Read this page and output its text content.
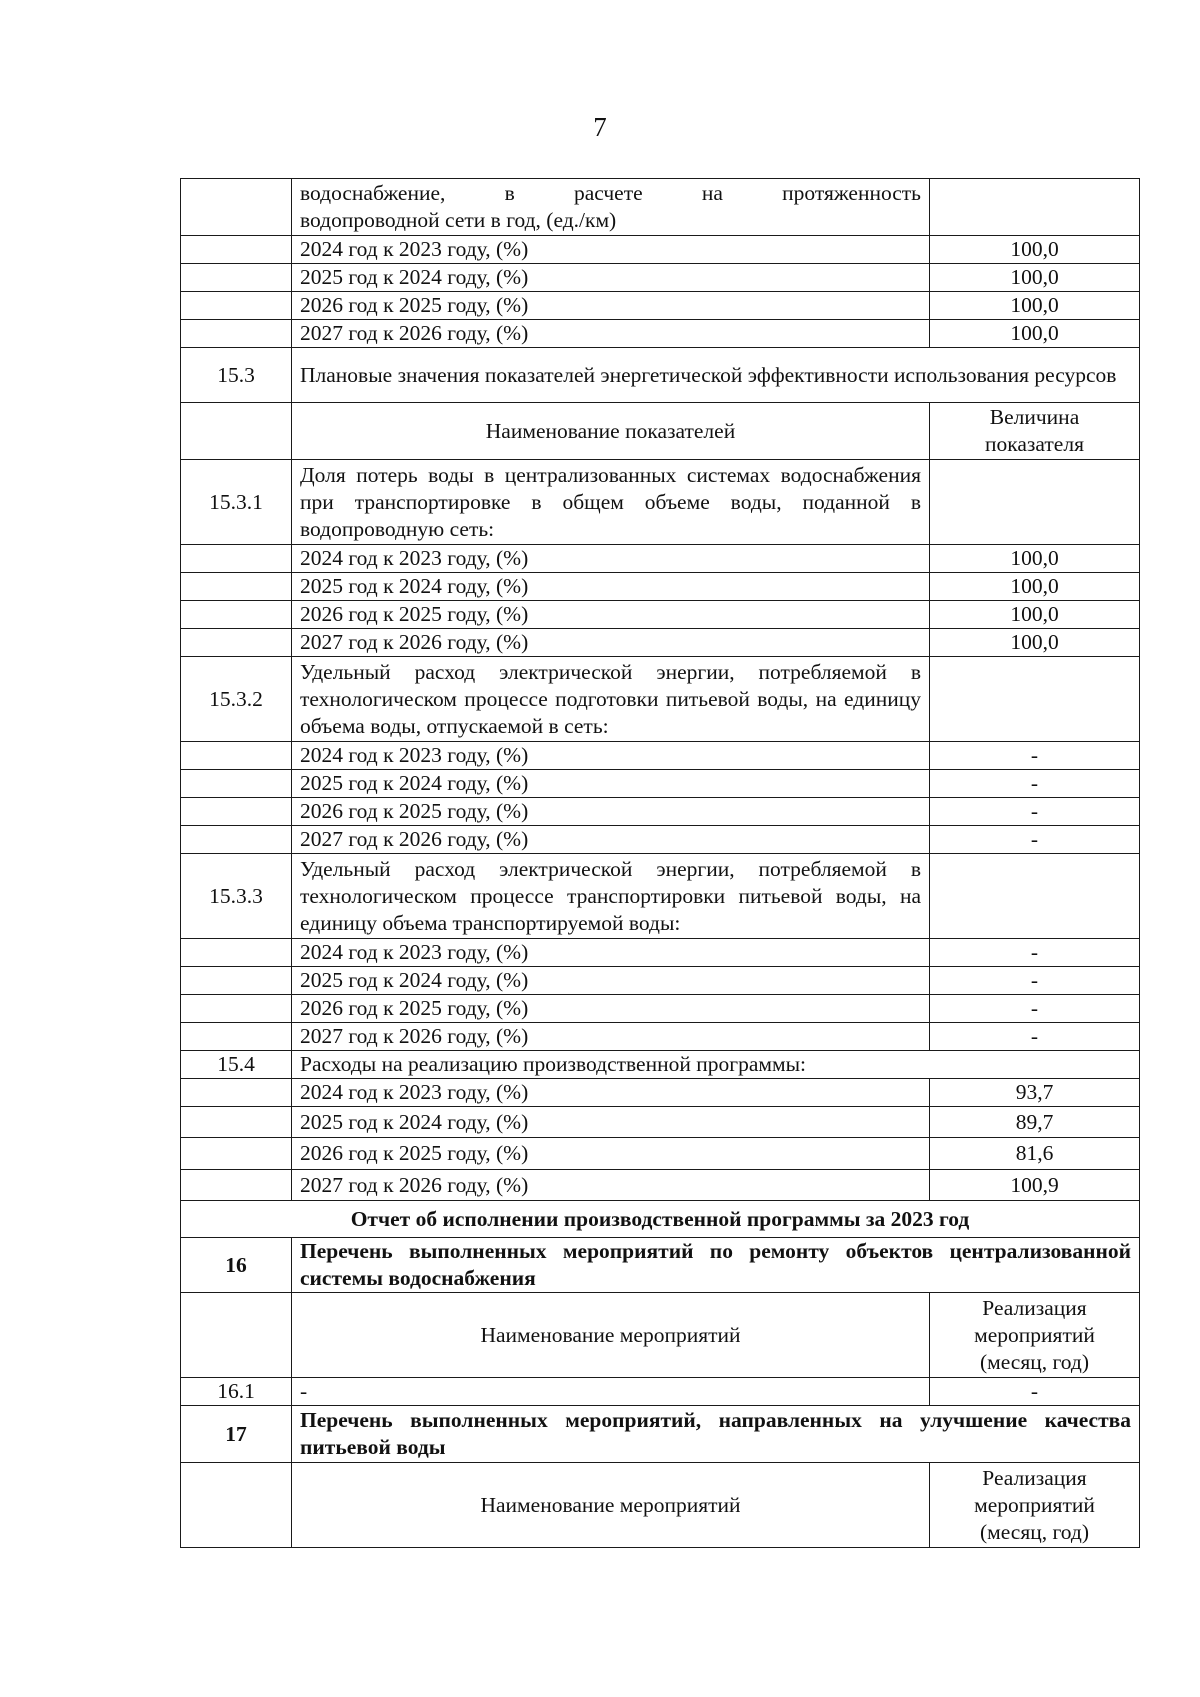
7

	водоснабжение, в расчете на протяженность
водопроводной сети в год, (ед./км)	

	2024 год к 2023 году, (%)	100,0
	2025 год к 2024 году, (%)	100,0
	2026 год к 2025 году, (%)	100,0
	2027 год к 2026 году, (%)	100,0
15.3	Плановые значения показателей энергетической эффективности использования ресурсов	
	Наименование показателей	Величина
показателя

15.3.1	Доля потерь воды в централизованных системах водоснабжения при транспортировке в общем объеме воды, поданной в водопроводную сеть:	
	2024 год к 2023 году, (%)	100,0
	2025 год к 2024 году, (%)	100,0
	2026 год к 2025 году, (%)	100,0
	2027 год к 2026 году, (%)	100,0
15.3.2	Удельный расход электрической энергии, потребляемой в технологическом процессе подготовки питьевой воды, на единицу объема воды, отпускаемой в сеть:	
	2024 год к 2023 году, (%)	-
	2025 год к 2024 году, (%)	-
	2026 год к 2025 году, (%)	-
	2027 год к 2026 году, (%)	-
15.3.3	Удельный расход электрической энергии, потребляемой в технологическом процессе транспортировки питьевой воды, на единицу объема транспортируемой воды:	
	2024 год к 2023 году, (%)	-
	2025 год к 2024 году, (%)	-
	2026 год к 2025 году, (%)	-
	2027 год к 2026 году, (%)	-
15.4	Расходы на реализацию производственной программы:	
	2024 год к 2023 году, (%)	93,7
	2025 год к 2024 году, (%)	89,7
	2026 год к 2025 году, (%)	81,6
	2027 год к 2026 году, (%)	100,9
Отчет об исполнении производственной программы за 2023 год		
16	Перечень выполненных мероприятий по ремонту объектов централизованной системы водоснабжения	
	Наименование мероприятий	Реализация
мероприятий
(месяц, год)

16.1	-	-
17	Перечень выполненных мероприятий, направленных на улучшение качества питьевой воды	
	Наименование мероприятий	Реализация
мероприятий
(месяц, год)
